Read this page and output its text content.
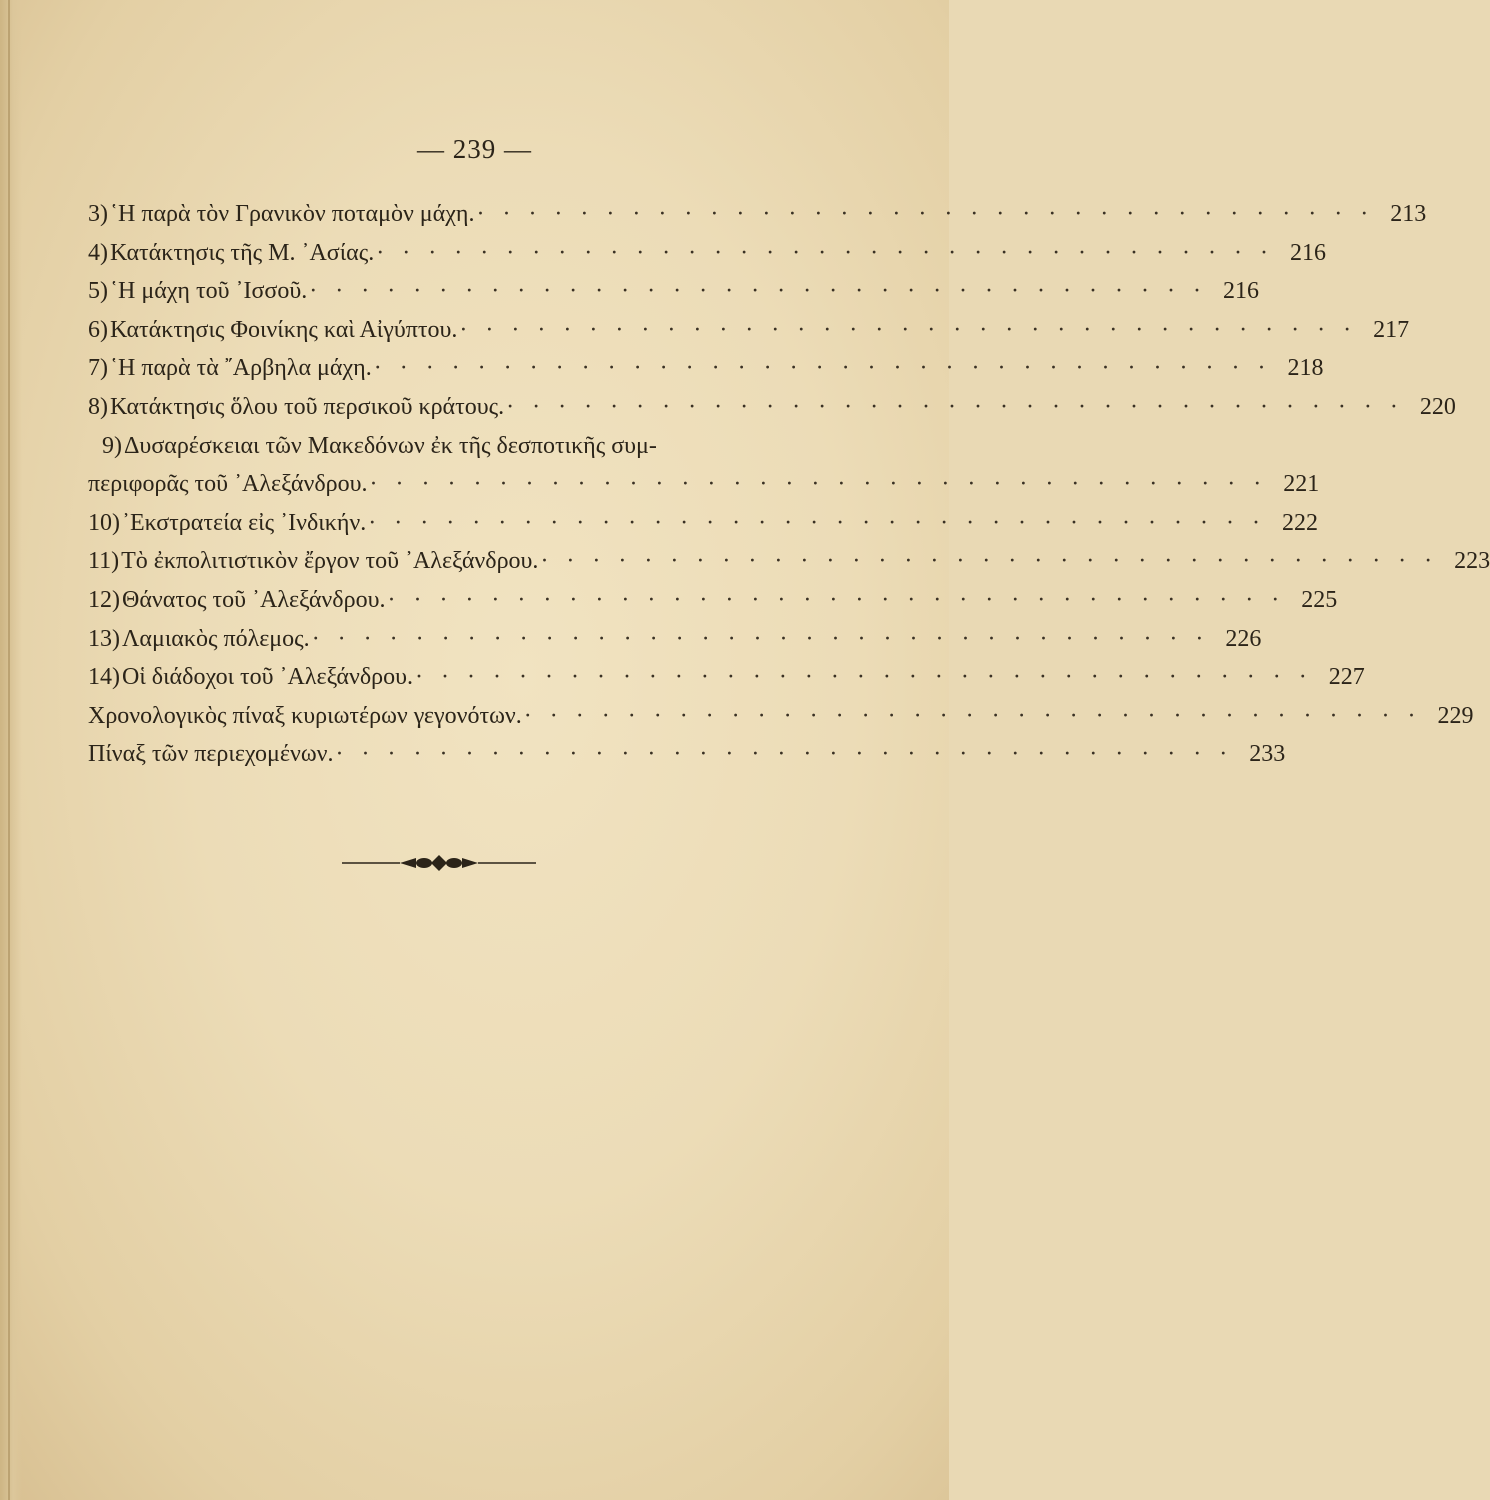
— 239 —
3) ῾Η παρὰ τὸν Γρανικὸν ποταμὸν μάχη. · · · · · · · · · · · · · · · · · · · · · · · · · · · · · · · · · · · 213
4) Κατάκτησις τῆς Μ. ᾿Ασίας. · · · · · · · · · · · · · · · · · · · · · · · · · · · · · · · · · · · 216
5) ῾Η μάχη τοῦ ᾿Ισσοῦ. · · · · · · · · · · · · · · · · · · · · · · · · · · · · · · · · · · · 216
6) Κατάκτησις Φοινίκης καὶ Αἰγύπτου. · · · · · · · · · · · · · · · · · · · · · · · · · · · · · · · · · · · 217
7) ῾Η παρὰ τὰ ῎Αρβηλα μάχη. · · · · · · · · · · · · · · · · · · · · · · · · · · · · · · · · · · · 218
8) Κατάκτησις ὅλου τοῦ περσικοῦ κράτους. · · · · · · · · · · · · · · · · · · · · · · · · · · · · · · · · · · · 220
9) Δυσαρέσκειαι τῶν Μακεδόνων ἐκ τῆς δεσποτικῆς συμ-
περιφορᾶς τοῦ ᾿Αλεξάνδρου. · · · · · · · · · · · · · · · · · · · · · · · · · · · · · · · · · · · 221
10) ᾿Εκστρατεία εἰς ᾿Ινδικήν. · · · · · · · · · · · · · · · · · · · · · · · · · · · · · · · · · · · 222
11) Τὸ ἐκπολιτιστικὸν ἔργον τοῦ ᾿Αλεξάνδρου. · · · · · · · · · · · · · · · · · · · · · · · · · · · · · · · · · · · 223
12) Θάνατος τοῦ ᾿Αλεξάνδρου. · · · · · · · · · · · · · · · · · · · · · · · · · · · · · · · · · · · 225
13) Λαμιακὸς πόλεμος. · · · · · · · · · · · · · · · · · · · · · · · · · · · · · · · · · · · 226
14) Οἱ διάδοχοι τοῦ ᾿Αλεξάνδρου. · · · · · · · · · · · · · · · · · · · · · · · · · · · · · · · · · · · 227
Χρονολογικὸς πίναξ κυριωτέρων γεγονότων. · · · · · · · · · · · · · · · · · · · · · · · · · · · · · · · · · · · 229
Πίναξ τῶν περιεχομένων. · · · · · · · · · · · · · · · · · · · · · · · · · · · · · · · · · · · 233
